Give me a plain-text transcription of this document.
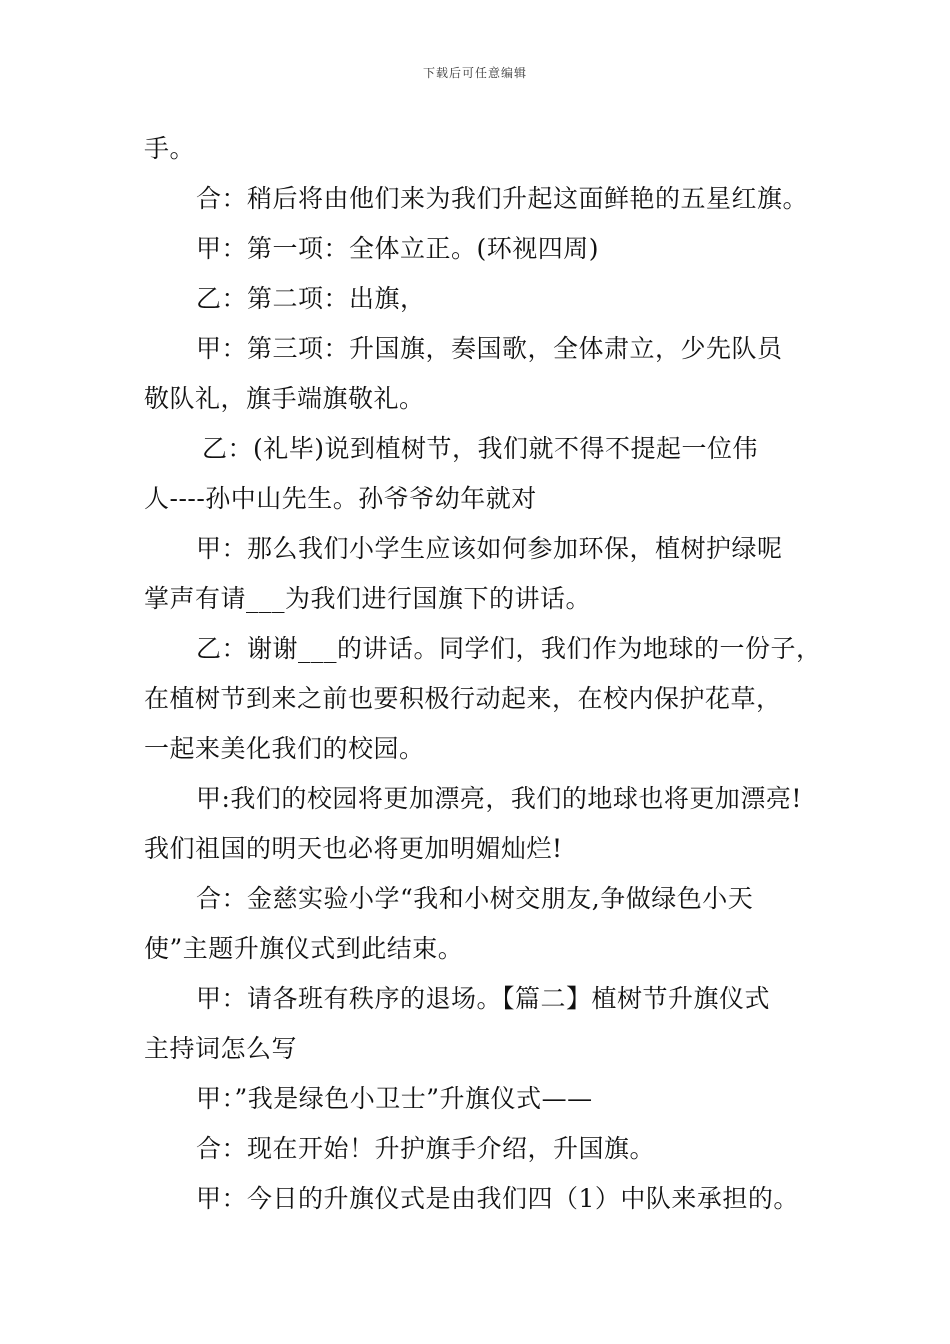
下载后可任意编辑
手。
合：稍后将由他们来为我们升起这面鲜艳的五星红旗。
甲：第一项：全体立正。(环视四周)
乙：第二项：出旗，
甲：第三项：升国旗，奏国歌，全体肃立，少先队员
敬队礼，旗手端旗敬礼。
乙：(礼毕)说到植树节，我们就不得不提起一位伟
人----孙中山先生。孙爷爷幼年就对
甲：那么我们小学生应该如何参加环保，植树护绿呢
掌声有请___为我们进行国旗下的讲话。
乙：谢谢___的讲话。同学们，我们作为地球的一份子，
在植树节到来之前也要积极行动起来，在校内保护花草，
一起来美化我们的校园。
甲:我们的校园将更加漂亮，我们的地球也将更加漂亮!
我们祖国的明天也必将更加明媚灿烂!
合：金慈实验小学“我和小树交朋友,争做绿色小天
使”主题升旗仪式到此结束。
甲：请各班有秩序的退场。【篇二】植树节升旗仪式
主持词怎么写
甲：”我是绿色小卫士”升旗仪式——
合：现在开始！升护旗手介绍，升国旗。
甲：今日的升旗仪式是由我们四（1）中队来承担的。
